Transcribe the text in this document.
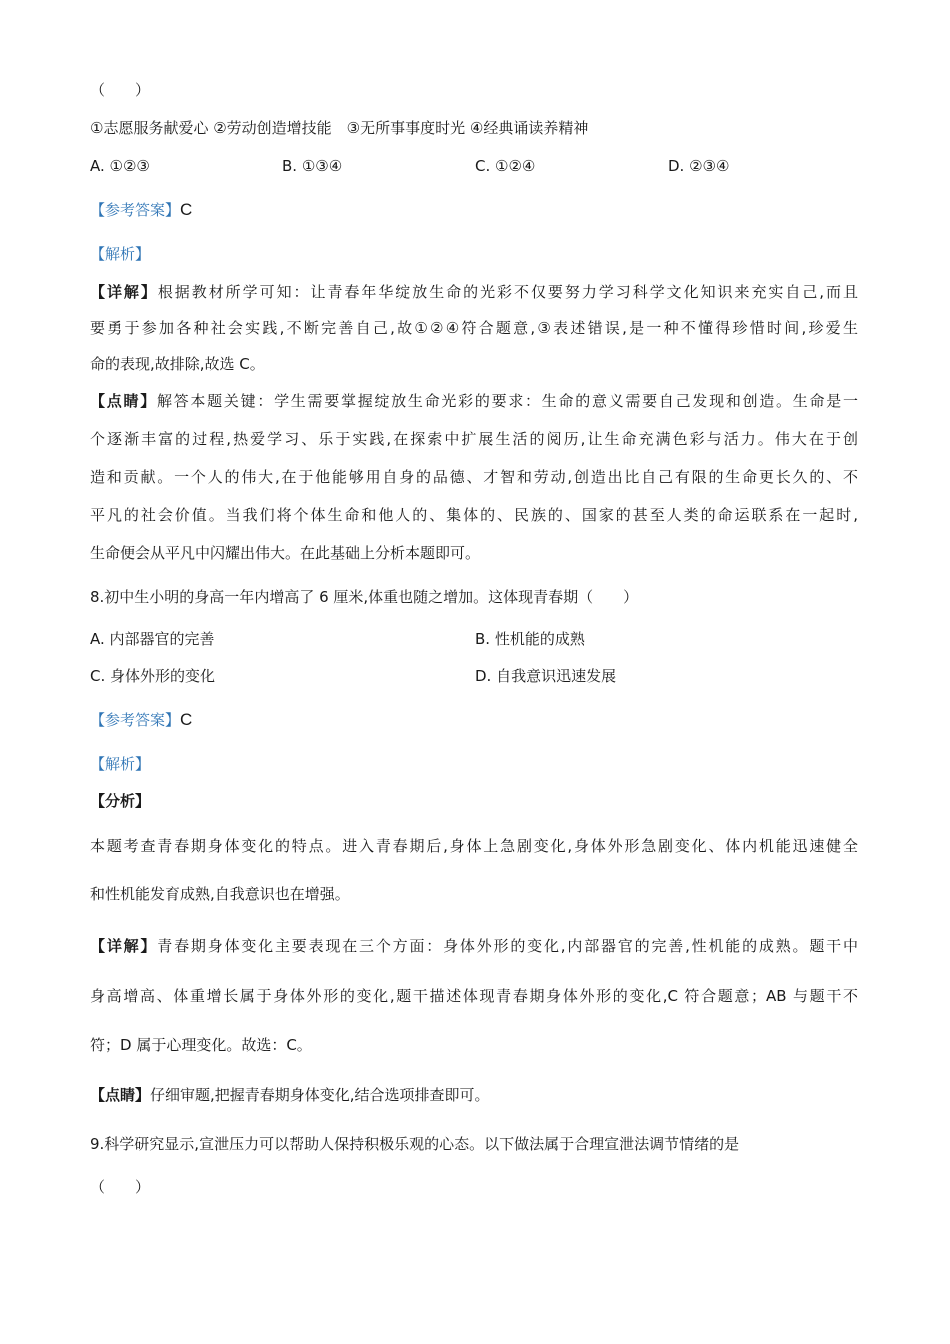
（　　）
①志愿服务献爱心 ②劳动创造增技能　③无所事事度时光 ④经典诵读养精神
A. ①②③	B. ①③④	C. ①②④	D. ②③④
【参考答案】C
【解析】
【详解】根据教材所学可知：让青春年华绽放生命的光彩不仅要努力学习科学文化知识来充实自己,而且
要勇于参加各种社会实践,不断完善自己,故①②④符合题意,③表述错误,是一种不懂得珍惜时间,珍爱生
命的表现,故排除,故选 C。
【点睛】解答本题关键：学生需要掌握绽放生命光彩的要求：生命的意义需要自己发现和创造。生命是一
个逐渐丰富的过程,热爱学习、乐于实践,在探索中扩展生活的阅历,让生命充满色彩与活力。伟大在于创
造和贡献。一个人的伟大,在于他能够用自身的品德、才智和劳动,创造出比自己有限的生命更长久的、不
平凡的社会价值。当我们将个体生命和他人的、集体的、民族的、国家的甚至人类的命运联系在一起时,
生命便会从平凡中闪耀出伟大。在此基础上分析本题即可。
8.初中生小明的身高一年内增高了 6 厘米,体重也随之增加。这体现青春期（　　）
A. 内部器官的完善	B. 性机能的成熟
C. 身体外形的变化	D. 自我意识迅速发展
【参考答案】C
【解析】
【分析】
本题考查青春期身体变化的特点。进入青春期后,身体上急剧变化,身体外形急剧变化、体内机能迅速健全
和性机能发育成熟,自我意识也在增强。
【详解】青春期身体变化主要表现在三个方面：身体外形的变化,内部器官的完善,性机能的成熟。题干中
身高增高、体重增长属于身体外形的变化,题干描述体现青春期身体外形的变化,C 符合题意；AB 与题干不
符；D 属于心理变化。故选：C。
【点睛】仔细审题,把握青春期身体变化,结合选项排查即可。
9.科学研究显示,宣泄压力可以帮助人保持积极乐观的心态。以下做法属于合理宣泄法调节情绪的是
（　　）
